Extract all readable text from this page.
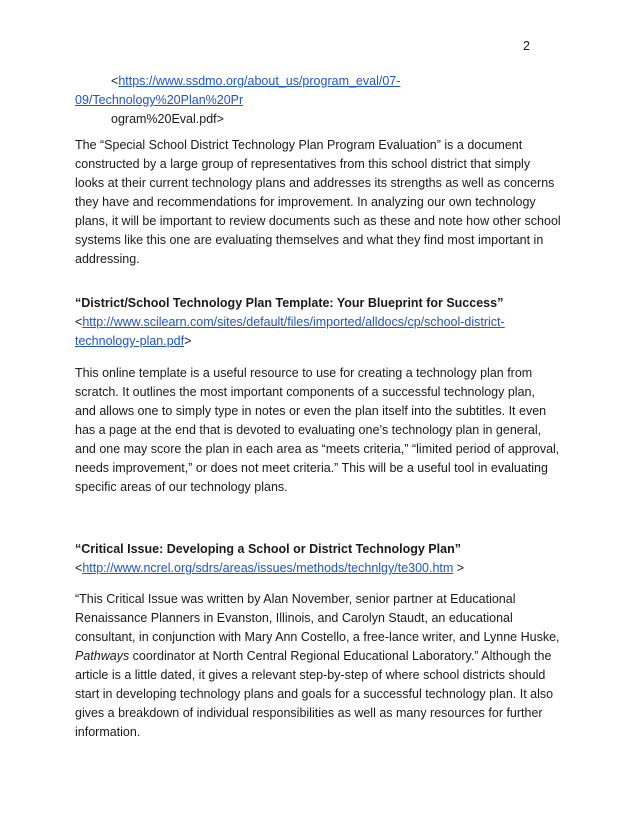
2
<https://www.ssdmo.org/about_us/program_eval/07-
09/Technology%20Plan%20Pr
ogram%20Eval.pdf>
The “Special School District Technology Plan Program Evaluation” is a document
constructed by a large group of representatives from this school district that simply
looks at their current technology plans and addresses its strengths as well as concerns
they have and recommendations for improvement. In analyzing our own technology
plans, it will be important to review documents such as these and note how other school
systems like this one are evaluating themselves and what they find most important in
addressing.
“District/School Technology Plan Template: Your Blueprint for Success”
<http://www.scilearn.com/sites/default/files/imported/alldocs/cp/school-district-
technology-plan.pdf>
This online template is a useful resource to use for creating a technology plan from
scratch. It outlines the most important components of a successful technology plan,
and allows one to simply type in notes or even the plan itself into the subtitles. It even
has a page at the end that is devoted to evaluating one’s technology plan in general,
and one may score the plan in each area as “meets criteria,” “limited period of approval,
needs improvement,” or does not meet criteria.” This will be a useful tool in evaluating
specific areas of our technology plans.
“Critical Issue: Developing a School or District Technology Plan”
<http://www.ncrel.org/sdrs/areas/issues/methods/technlgy/te300.htm >
“This Critical Issue was written by Alan November, senior partner at Educational
Renaissance Planners in Evanston, Illinois, and Carolyn Staudt, an educational
consultant, in conjunction with Mary Ann Costello, a free-lance writer, and Lynne Huske,
Pathways coordinator at North Central Regional Educational Laboratory.” Although the
article is a little dated, it gives a relevant step-by-step of where school districts should
start in developing technology plans and goals for a successful technology plan. It also
gives a breakdown of individual responsibilities as well as many resources for further
information.
